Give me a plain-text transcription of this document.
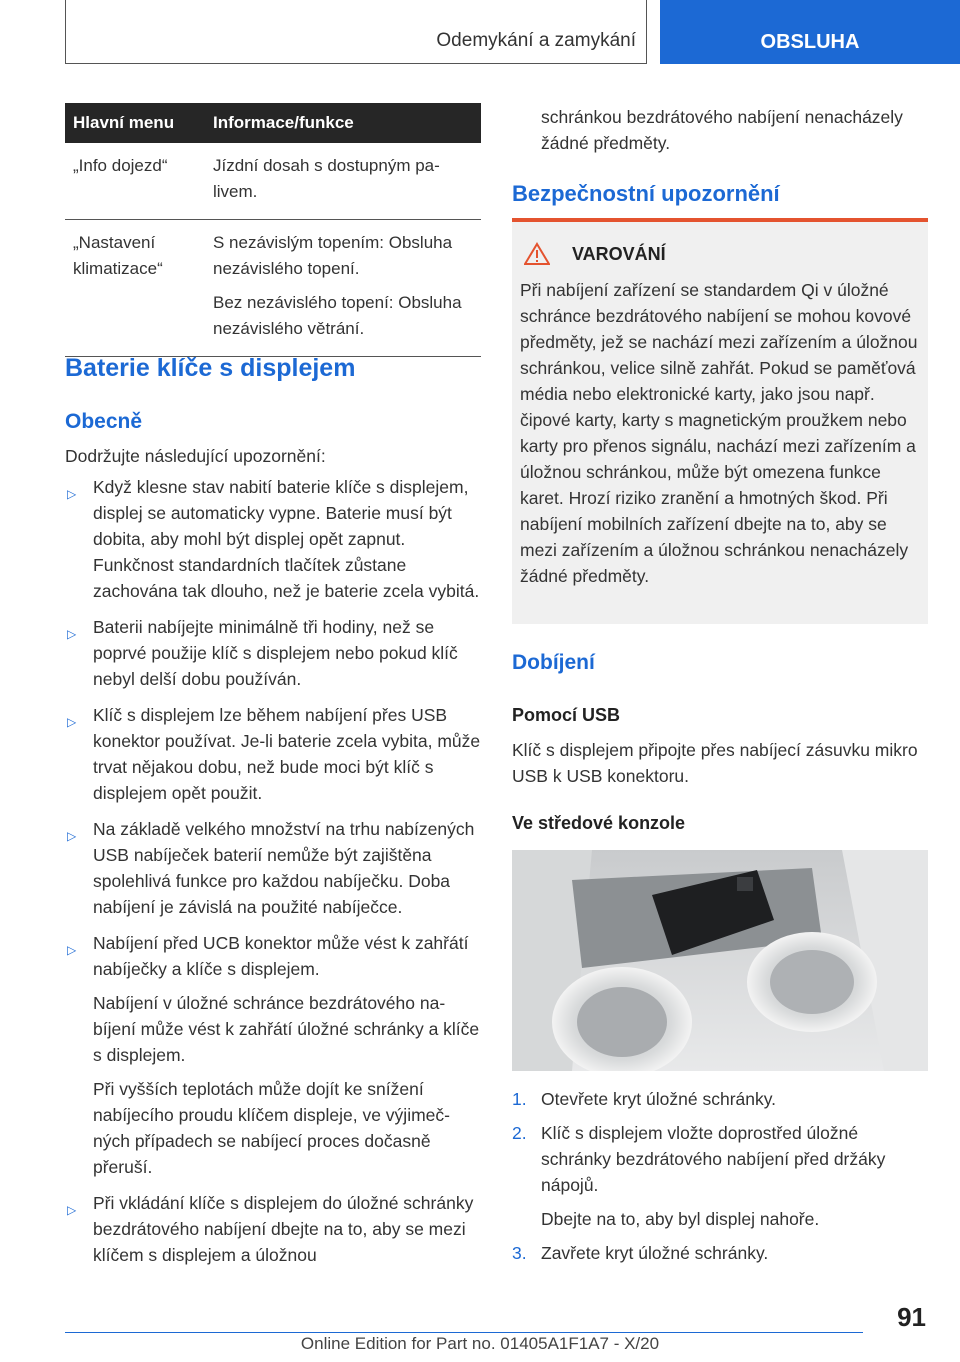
Odemykání a zamykání	OBSLUHA
Hlavní menu	Informace/funkce
„Info dojezd“	Jízdní dosah s dostupným palivem.

„Nastavení klimatizace“	S nezávislým topením: Obsluha nezávislého topení.

Bez nezávislého topení: Obsluha nezávislého větrání.

Baterie klíče s displejem
Obecně

Dodržujte následující upozornění:

▷ Když klesne stav nabití baterie klíče s displejem, displej se automaticky vypne. Baterie musí být dobita, aby mohl být displej opět zapnut. Funkčnost standardních tlačítek zůstane zachována tak dlouho, než je baterie zcela vybitá.

▷ Baterii nabíjejte minimálně tři hodiny, než se poprvé použije klíč s displejem nebo pokud klíč nebyl delší dobu používán.

▷ Klíč s displejem lze během nabíjení přes USB konektor používat. Je-li baterie zcela vybita, může trvat nějakou dobu, než bude moci být klíč s displejem opět použit.

▷ Na základě velkého množství na trhu nabízených USB nabíječek baterií nemůže být zajištěna spolehlivá funkce pro každou nabíječku. Doba nabíjení je závislá na použité nabíječce.

▷ Nabíjení před UCB konektor může vést k zahřátí nabíječky a klíče s displejem.

Nabíjení v úložné schránce bezdrátového nabíjení může vést k zahřátí úložné schránky a klíče s displejem.

Při vyšších teplotách může dojít ke snížení nabíjecího proudu klíčem displeje, ve výjimečných případech se nabíjecí proces dočasně přeruší.

▷ Při vkládání klíče s displejem do úložné schránky bezdrátového nabíjení dbejte na to, aby se mezi klíčem s displejem a úložnou

schránkou bezdrátového nabíjení nenacházely žádné předměty.

Bezpečnostní upozornění
VAROVÁNÍ

Při nabíjení zařízení se standardem Qi v úložné schránce bezdrátového nabíjení se mohou kovové předměty, jež se nachází mezi zařízením a úložnou schránkou, velice silně zahřát. Pokud se paměťová média nebo elektronické karty, jako jsou např. čipové karty, karty s magnetickým proužkem nebo karty pro přenos signálu, nachází mezi zařízením a úložnou schránkou, může být omezena funkce karet. Hrozí riziko zranění a hmotných škod. Při nabíjení mobilních zařízení dbejte na to, aby se mezi zařízením a úložnou schránkou nenacházely žádné předměty.

Dobíjení
Pomocí USB

Klíč s displejem připojte přes nabíjecí zásuvku mikro USB k USB konektoru.

Ve středové konzole
1. Otevřete kryt úložné schránky.

2. Klíč s displejem vložte doprostřed úložné schránky bezdrátového nabíjení před držáky nápojů.

Dbejte na to, aby byl displej nahoře.

3. Zavřete kryt úložné schránky.

91
Online Edition for Part no. 01405A1F1A7 - X/20
